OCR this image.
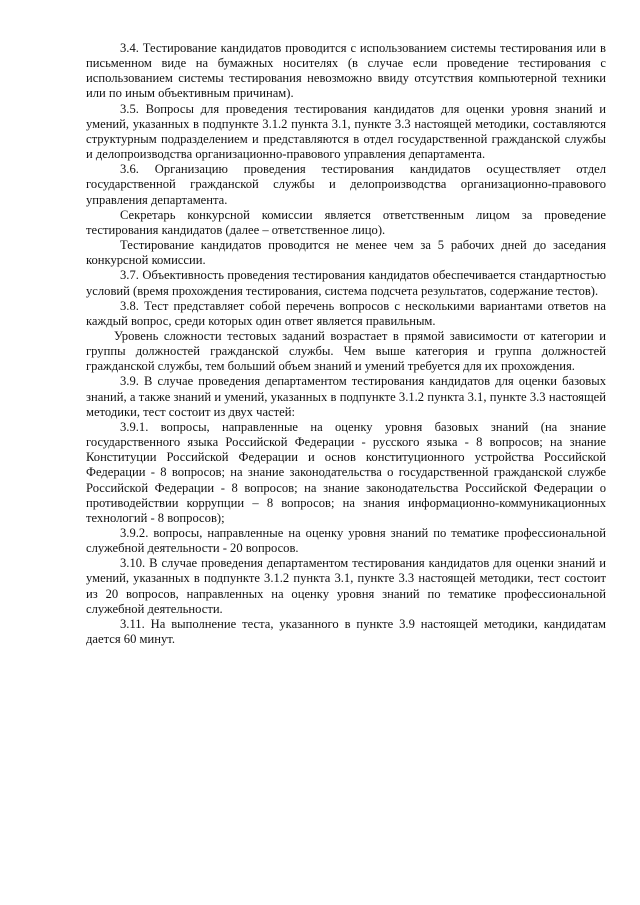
3.4. Тестирование кандидатов проводится с использованием системы тестирования или в письменном виде на бумажных носителях (в случае если проведение тестирования с использованием системы тестирования невозможно ввиду отсутствия компьютерной техники или по иным объективным причинам).

3.5. Вопросы для проведения тестирования кандидатов для оценки уровня знаний и умений, указанных в подпункте 3.1.2 пункта 3.1, пункте 3.3 настоящей методики, составляются структурным подразделением и представляются в отдел государственной гражданской службы и делопроизводства организационно-правового управления департамента.

3.6. Организацию проведения тестирования кандидатов осуществляет отдел государственной гражданской службы и делопроизводства организационно-правового управления департамента.

Секретарь конкурсной комиссии является ответственным лицом за проведение тестирования кандидатов (далее – ответственное лицо).

Тестирование кандидатов проводится не менее чем за 5 рабочих дней до заседания конкурсной комиссии.

3.7. Объективность проведения тестирования кандидатов обеспечивается стандартностью условий (время прохождения тестирования, система подсчета результатов, содержание тестов).

3.8. Тест представляет собой перечень вопросов с несколькими вариантами ответов на каждый вопрос, среди которых один ответ является правильным.

Уровень сложности тестовых заданий возрастает в прямой зависимости от категории и группы должностей гражданской службы. Чем выше категория и группа должностей гражданской службы, тем больший объем знаний и умений требуется для их прохождения.

3.9. В случае проведения департаментом тестирования кандидатов для оценки базовых знаний, а также знаний и умений, указанных в подпункте 3.1.2 пункта 3.1, пункте 3.3 настоящей методики, тест состоит из двух частей:

3.9.1. вопросы, направленные на оценку уровня базовых знаний (на знание государственного языка Российской Федерации - русского языка - 8 вопросов; на знание Конституции Российской Федерации и основ конституционного устройства Российской Федерации - 8 вопросов; на знание законодательства о государственной гражданской службе Российской Федерации - 8 вопросов; на знание законодательства Российской Федерации о противодействии коррупции – 8 вопросов; на знания информационно-коммуникационных технологий - 8 вопросов);

3.9.2. вопросы, направленные на оценку уровня знаний по тематике профессиональной служебной деятельности - 20 вопросов.

3.10. В случае проведения департаментом тестирования кандидатов для оценки знаний и умений, указанных в подпункте 3.1.2 пункта 3.1, пункте 3.3 настоящей методики, тест состоит из 20 вопросов, направленных на оценку уровня знаний по тематике профессиональной служебной деятельности.

3.11. На выполнение теста, указанного в пункте 3.9 настоящей методики, кандидатам дается 60 минут.
